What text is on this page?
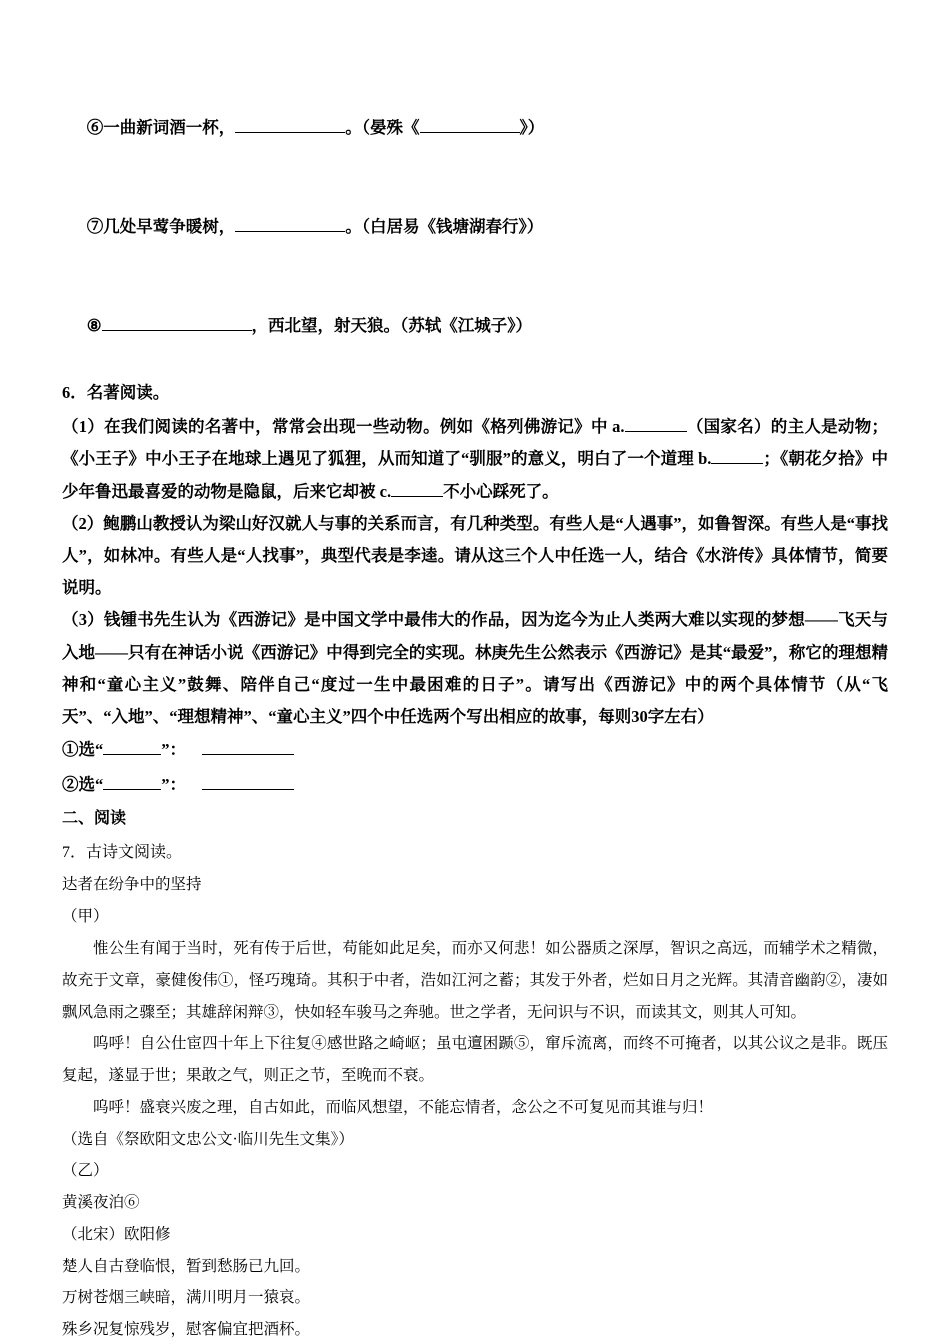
⑥一曲新词酒一杯，	。（晏殊《	》）

⑦几处早莺争暖树，	。（白居易《钱塘湖春行》）

⑧	，西北望，射天狼。（苏轼《江城子》）

6．名著阅读。

（1）在我们阅读的名著中，常常会出现一些动物。例如《格列佛游记》中 a.	（国家名）的主人是动物；《小王子》中小王子在地球上遇见了狐狸，从而知道了“驯服”的意义，明白了一个道理 b.	；《朝花夕拾》中少年鲁迅最喜爱的动物是隐鼠，后来它却被 c.	不小心踩死了。

（2）鲍鹏山教授认为梁山好汉就人与事的关系而言，有几种类型。有些人是“人遇事”，如鲁智深。有些人是“事找人”，如林冲。有些人是“人找事”，典型代表是李逵。请从这三个人中任选一人，结合《水浒传》具体情节，简要说明。

（3）钱锺书先生认为《西游记》是中国文学中最伟大的作品，因为迄今为止人类两大难以实现的梦想——飞天与入地——只有在神话小说《西游记》中得到完全的实现。林庚先生公然表示《西游记》是其“最爱”，称它的理想精神和“童心主义”鼓舞、陪伴自己“度过一生中最困难的日子”。请写出《西游记》中的两个具体情节（从“飞天”、“入地”、“理想精神”、“童心主义”四个中任选两个写出相应的故事，每则30字左右）

①选“	”：

②选“	”：

二、阅读

7．古诗文阅读。

达者在纷争中的坚持

（甲）

惟公生有闻于当时，死有传于后世，苟能如此足矣，而亦又何悲！如公器质之深厚，智识之高远，而辅学术之精微，故充于文章，豪健俊伟①，怪巧瑰琦。其积于中者，浩如江河之蓄；其发于外者，烂如日月之光辉。其清音幽韵②，凄如飘风急雨之骤至；其雄辞闲辩③，快如轻车骏马之奔驰。世之学者，无问识与不识，而读其文，则其人可知。

呜呼！自公仕宦四十年上下往复④感世路之崎岖；虽屯邅困踬⑤，窜斥流离，而终不可掩者，以其公议之是非。既压复起，遂显于世；果敢之气，则正之节，至晚而不衰。

呜呼！盛衰兴废之理，自古如此，而临风想望，不能忘情者，念公之不可复见而其谁与归！

（选自《祭欧阳文忠公文·临川先生文集》）

（乙）

黄溪夜泊⑥

（北宋）欧阳修

楚人自古登临恨，暂到愁肠已九回。

万树苍烟三峡暗，满川明月一猿哀。

殊乡况复惊残岁，慰客偏宜把酒杯。
